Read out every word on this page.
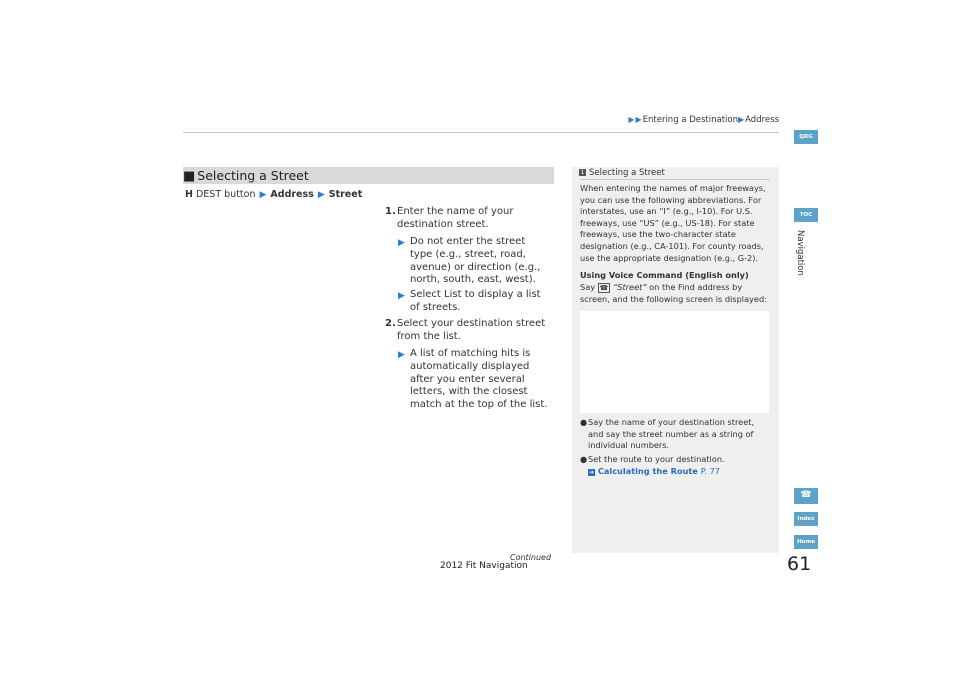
▶▶Entering a Destination▶Address
■ Selecting a Street
H DEST button ▶ Address ▶ Street
1. Enter the name of your destination street.
▶ Do not enter the street type (e.g., street, road, avenue) or direction (e.g., north, south, east, west).
▶ Select List to display a list of streets.
2. Select your destination street from the list.
▶ A list of matching hits is automatically displayed after you enter several letters, with the closest match at the top of the list.
Continued
2012 Fit Navigation
1 Selecting a Street
When entering the names of major freeways, you can use the following abbreviations. For interstates, use an “I” (e.g., I-10). For U.S. freeways, use “US” (e.g., US-18). For state freeways, use the two-character state designation (e.g., CA-101). For county roads, use the appropriate designation (e.g., G-2).
Using Voice Command (English only)
Say ☎ “Street” on the Find address by screen, and the following screen is displayed:
● Say the name of your destination street, and say the street number as a string of individual numbers.
● Set the route to your destination.
➔ Calculating the Route P. 77
QRG
TOC
Navigation
☎
Index
Home
61
